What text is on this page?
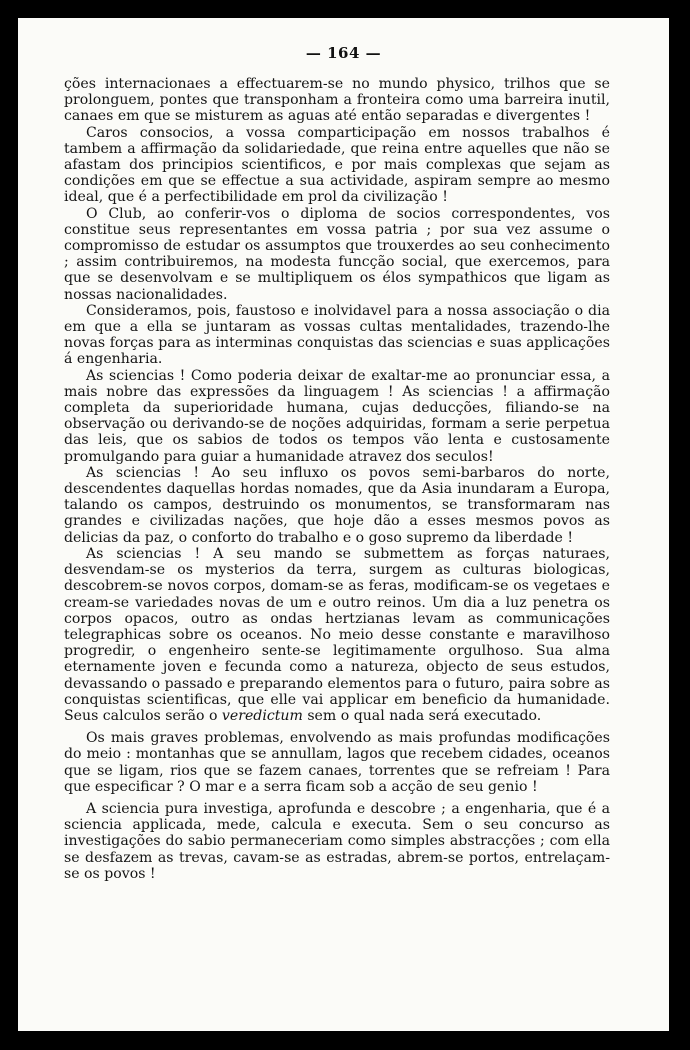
— 164 —

ções internacionaes a effectuarem-se no mundo physico, trilhos que se prolonguem, pontes que transponham a fronteira como uma barreira inutil, canaes em que se misturem as aguas até então separadas e divergentes !

Caros consocios, a vossa comparticipação em nossos trabalhos é tambem a affirmação da solidariedade, que reina entre aquelles que não se afastam dos principios scientificos, e por mais complexas que sejam as condições em que se effectue a sua actividade, aspiram sempre ao mesmo ideal, que é a perfectibilidade em prol da civilização !

O Club, ao conferir-vos o diploma de socios correspondentes, vos constitue seus representantes em vossa patria ; por sua vez assume o compromisso de estudar os assumptos que trouxerdes ao seu conhecimento ; assim contribuiremos, na modesta funcção social, que exercemos, para que se desenvolvam e se multipliquem os élos sympathicos que ligam as nossas nacionalidades.

Consideramos, pois, faustoso e inolvidavel para a nossa associação o dia em que a ella se juntaram as vossas cultas mentalidades, trazendo-lhe novas forças para as interminas conquistas das sciencias e suas applicações á engenharia.

As sciencias ! Como poderia deixar de exaltar-me ao pronunciar essa, a mais nobre das expressões da linguagem ! As sciencias ! a affirmação completa da superioridade humana, cujas deducções, filiando-se na observação ou derivando-se de noções adquiridas, formam a serie perpetua das leis, que os sabios de todos os tempos vão lenta e custosamente promulgando para guiar a humanidade atravez dos seculos!

As sciencias ! Ao seu influxo os povos semi-barbaros do norte, descendentes daquellas hordas nomades, que da Asia inundaram a Europa, talando os campos, destruindo os monumentos, se transformaram nas grandes e civilizadas nações, que hoje dão a esses mesmos povos as delicias da paz, o conforto do trabalho e o goso supremo da liberdade !

As sciencias ! A seu mando se submettem as forças naturaes, desvendam-se os mysterios da terra, surgem as culturas biologicas, descobrem-se novos corpos, domam-se as feras, modificam-se os vegetaes e cream-se variedades novas de um e outro reinos. Um dia a luz penetra os corpos opacos, outro as ondas hertzianas levam as communicações telegraphicas sobre os oceanos. No meio desse constante e maravilhoso progredir, o engenheiro sente-se legitimamente orgulhoso. Sua alma eternamente joven e fecunda como a natureza, objecto de seus estudos, devassando o passado e preparando elementos para o futuro, paira sobre as conquistas scientificas, que elle vai applicar em beneficio da humanidade. Seus calculos serão o veredictum sem o qual nada será executado.

Os mais graves problemas, envolvendo as mais profundas modificações do meio : montanhas que se annullam, lagos que recebem cidades, oceanos que se ligam, rios que se fazem canaes, torrentes que se refreiam ! Para que especificar ? O mar e a serra ficam sob a acção de seu genio !

A sciencia pura investiga, aprofunda e descobre ; a engenharia, que é a sciencia applicada, mede, calcula e executa. Sem o seu concurso as investigações do sabio permaneceriam como simples abstracções ; com ella se desfazem as trevas, cavam-se as estradas, abrem-se portos, entrelaçam-se os povos !
